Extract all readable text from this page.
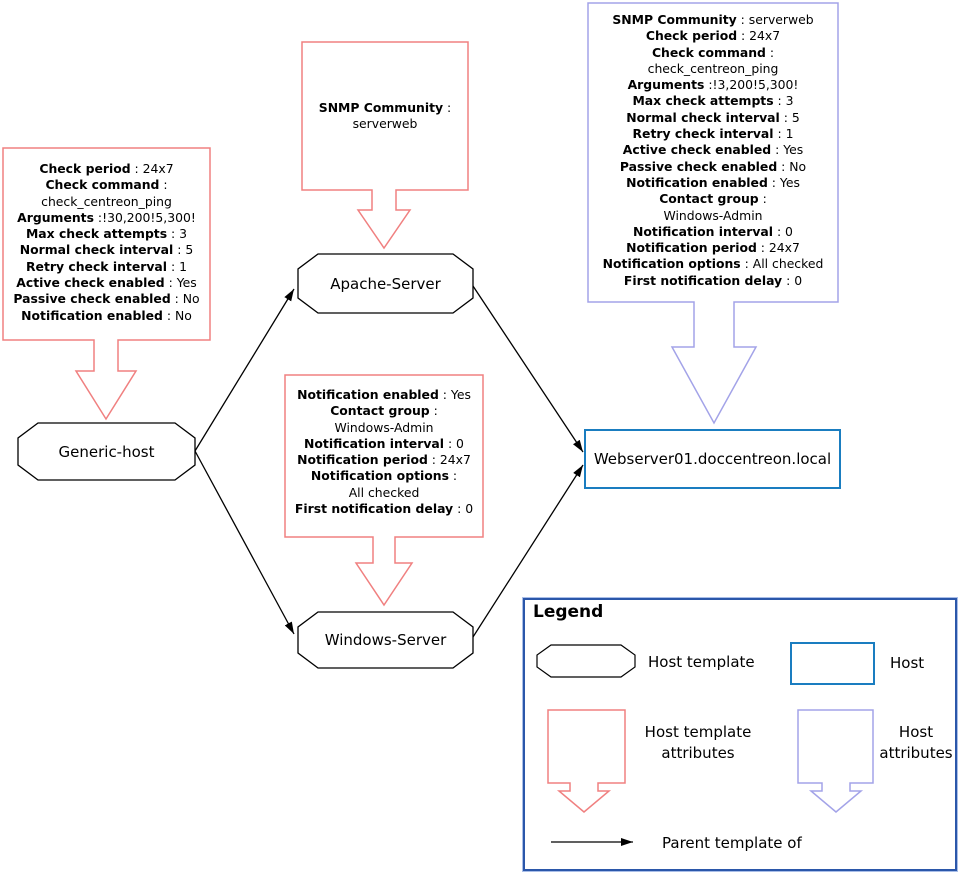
Check period : 24x7
Check command :
check_centreon_ping
Arguments :!30,200!5,300!
Max check attempts : 3
Normal check interval : 5
Retry check interval : 1
Active check enabled : Yes
Passive check enabled : No
Notification enabled : No
SNMP Community :
serverweb
Notification enabled : Yes
Contact group :
Windows-Admin
Notification interval : 0
Notification period : 24x7
Notification options :
All checked
First notification delay : 0
SNMP Community : serverweb
Check period : 24x7
Check command :
check_centreon_ping
Arguments :!3,200!5,300!
Max check attempts : 3
Normal check interval : 5
Retry check interval : 1
Active check enabled : Yes
Passive check enabled : No
Notification enabled : Yes
Contact group :
Windows-Admin
Notification interval : 0
Notification period : 24x7
Notification options : All checked
First notification delay : 0
Generic-host
Apache-Server
Windows-Server
Webserver01.doccentreon.local
Legend
Host template	Host
Host template attributes
Host attributes
Parent template of
